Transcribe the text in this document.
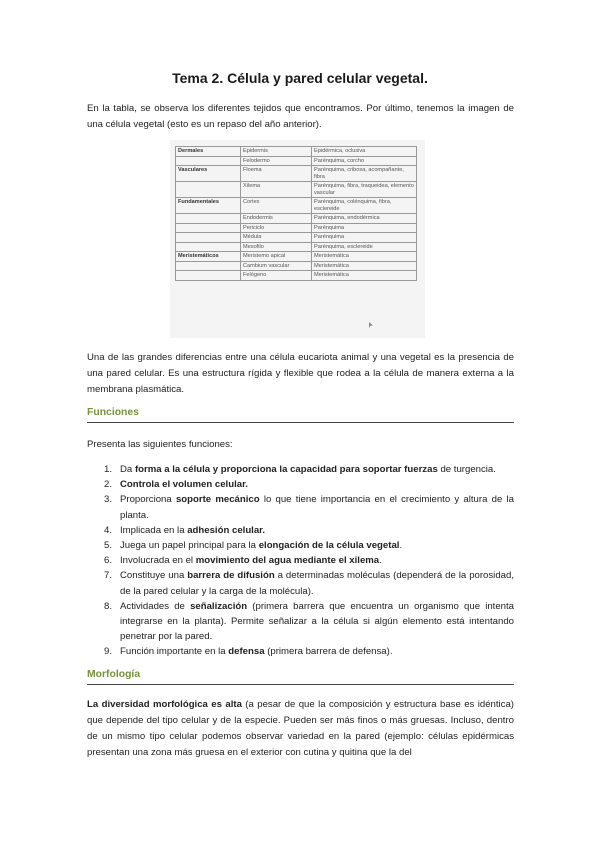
Tema 2. Célula y pared celular vegetal.
En la tabla, se observa los diferentes tejidos que encontramos. Por último, tenemos la imagen de una célula vegetal (esto es un repaso del año anterior).
Dermales	Epidermis	Epidérmica, oclusiva
	Felodermo	Parénquima, corcho
Vasculares	Floema	Parénquima, cribosa, acompañante, fibra
	Xilema	Parénquima, fibra, traqueidea, elemento vascular
Fundamentales	Cortex	Parénquima, colénquima, fibra, esclereide
	Endodermis	Parénquima, endodérmica
	Periciclo	Parénquima
	Médula	Parénquima
	Mesofilo	Parénquima, esclereide
Meristemáticos	Meristemo apical	Meristemática
	Cambium vascular	Meristemática
	Felógeno	Meristemática
Una de las grandes diferencias entre una célula eucariota animal y una vegetal es la presencia de una pared celular. Es una estructura rígida y flexible que rodea a la célula de manera externa a la membrana plasmática.
Funciones
Presenta las siguientes funciones:
1. Da forma a la célula y proporciona la capacidad para soportar fuerzas de turgencia.
2. Controla el volumen celular.
3. Proporciona soporte mecánico lo que tiene importancia en el crecimiento y altura de la planta.
4. Implicada en la adhesión celular.
5. Juega un papel principal para la elongación de la célula vegetal.
6. Involucrada en el movimiento del agua mediante el xilema.
7. Constituye una barrera de difusión a determinadas moléculas (dependerá de la porosidad, de la pared celular y la carga de la molécula).
8. Actividades de señalización (primera barrera que encuentra un organismo que intenta integrarse en la planta). Permite señalizar a la célula si algún elemento está intentando penetrar por la pared.
9. Función importante en la defensa (primera barrera de defensa).
Morfología
La diversidad morfológica es alta (a pesar de que la composición y estructura base es idéntica) que depende del tipo celular y de la especie. Pueden ser más finos o más gruesas. Incluso, dentro de un mismo tipo celular podemos observar variedad en la pared (ejemplo: células epidérmicas presentan una zona más gruesa en el exterior con cutina y quitina que la del
